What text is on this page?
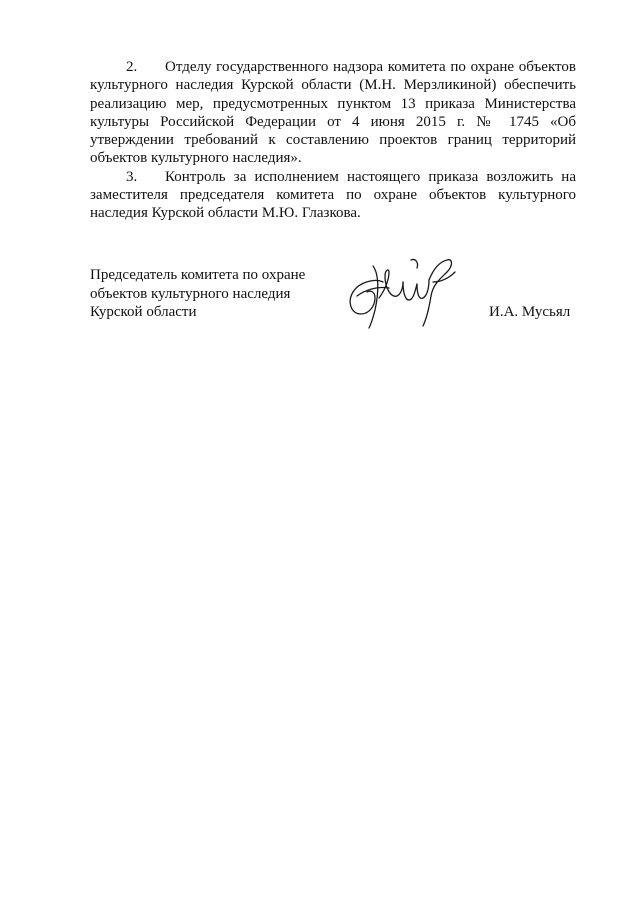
2. Отделу государственного надзора комитета по охране объектов культурного наследия Курской области (М.Н. Мерзликиной) обеспечить реализацию мер, предусмотренных пунктом 13 приказа Министерства культуры Российской Федерации от 4 июня 2015 г. № 1745 «Об утверждении требований к составлению проектов границ территорий объектов культурного наследия».

3. Контроль за исполнением настоящего приказа возложить на заместителя председателя комитета по охране объектов культурного наследия Курской области М.Ю. Глазкова.

Председатель комитета по охране
объектов культурного наследия
Курской области	И.А. Мусьял
